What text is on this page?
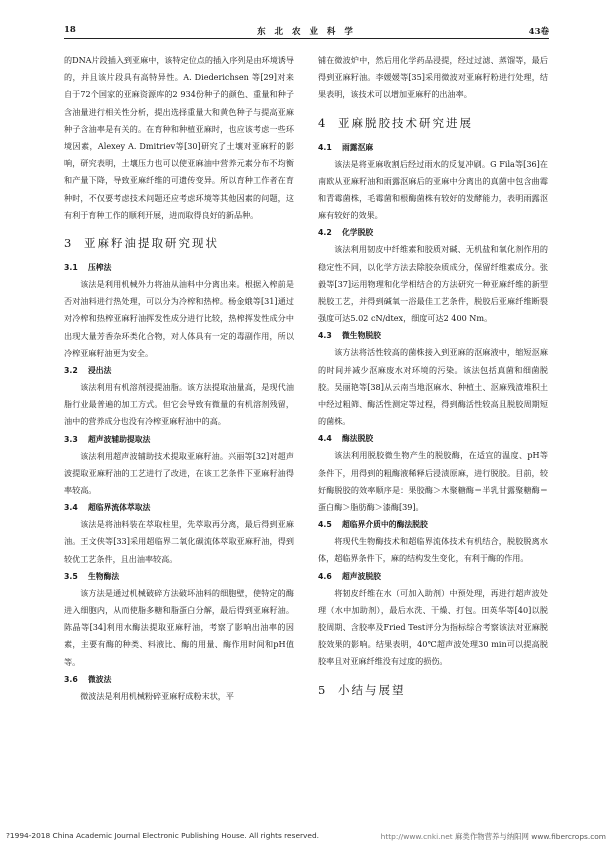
18	东 北 农 业 科 学	43卷

的DNA片段插入到亚麻中，该特定位点的插入序列是由环境诱导的，并且该片段具有高特异性。A. Diederichsen 等[29]对来自于72个国家的亚麻资源库的2 934份种子的颜色、重量和种子含油量进行相关性分析，提出选择重量大和黄色种子与提高亚麻种子含油率是有关的。在育种和种植亚麻时，也应该考虑一些环境因素，Alexey A. Dmitriev等[30]研究了土壤对亚麻籽的影响，研究表明，土壤压力也可以使亚麻油中营养元素分布不均衡和产量下降，导致亚麻纤维的可遗传变异。所以育种工作者在育种时，不仅要考虑技术问题还应考虑环境等其他因素的问题，这有利于育种工作的顺利开展，进而取得良好的新品种。

3 亚麻籽油提取研究现状
3.1 压榨法

该法是利用机械外力将油从油料中分离出来。根据入榨前是否对油料进行热处理，可以分为冷榨和热榨。杨金娥等[31]通过对冷榨和热榨亚麻籽油挥发性成分进行比较，热榨挥发性成分中出现大量芳香杂环类化合物，对人体具有一定的毒副作用，所以冷榨亚麻籽油更为安全。

3.2 浸出法

该法利用有机溶剂浸提油脂。该方法提取油量高，是现代油脂行业最普遍的加工方式。但它会导致有微量的有机溶剂残留，油中的营养成分也没有冷榨亚麻籽油中的高。

3.3 超声波辅助提取法

该法利用超声波辅助技术提取亚麻籽油。兴丽等[32]对超声波提取亚麻籽油的工艺进行了改进，在该工艺条件下亚麻籽油得率较高。

3.4 超临界流体萃取法

该法是将油料装在萃取柱里，先萃取再分离，最后得到亚麻油。王文侠等[33]采用超临界二氧化碳流体萃取亚麻籽油，得到较优工艺条件，且出油率较高。

3.5 生物酶法

该方法是通过机械破碎方法破坏油料的细胞壁，使特定的酶进入细胞内，从而使脂多糖和脂蛋白分解，最后得到亚麻籽油。陈晶等[34]利用水酶法提取亚麻籽油，考察了影响出油率的因素，主要有酶的种类、料液比、酶的用量、酶作用时间和pH值等。

3.6 微波法

微波法是利用机械粉碎亚麻籽成粉末状，平

铺在微波炉中，然后用化学药品浸提，经过过滤、蒸馏等，最后得到亚麻籽油。李媛媛等[35]采用微波对亚麻籽粉进行处理，结果表明，该技术可以增加亚麻籽的出油率。

4 亚麻脱胶技术研究进展
4.1 雨露沤麻

该法是将亚麻收割后经过雨水的反复冲刷。G Fila等[36]在南欧从亚麻籽油和雨露沤麻后的亚麻中分离出的真菌中包含曲霉和青霉菌株，毛霉菌和根酶菌株有较好的发酵能力，表明雨露沤麻有较好的效果。

4.2 化学脱胶

该法利用韧皮中纤维素和胶质对碱、无机盐和氧化剂作用的稳定性不同，以化学方法去除胶杂质成分，保留纤维素成分。张毅等[37]运用物理和化学相结合的方法研究一种亚麻纤维的新型脱胶工艺，并得到碱氧一浴最佳工艺条件，脱胶后亚麻纤维断裂强度可达5.02 cN/dtex，细度可达2 400 Nm。

4.3 微生物脱胶

该方法将活性较高的菌株接入到亚麻的沤麻液中，缩短沤麻的时间并减少沤麻废水对环境的污染。该法包括真菌和细菌脱胶。吴丽艳等[38]从云南当地沤麻水、种植土、沤麻残渣堆积土中经过粗筛、酶活性测定等过程，得到酶活性较高且脱胶周期短的菌株。

4.4 酶法脱胶

该法利用脱胶微生物产生的脱胶酶，在适宜的温度、pH等条件下，用得到的粗酶液稀释后浸渍原麻，进行脱胶。目前，较好酶脱胶的效率顺序是：果胶酶＞木聚糖酶＝半乳甘露聚糖酶＝蛋白酶＞脂肪酶＞漆酶[39]。

4.5 超临界介质中的酶法脱胶

将现代生物酶技术和超临界流体技术有机结合，脱胶脱离水体，超临界条件下，麻的结构发生变化，有利于酶的作用。

4.6 超声波脱胶

将韧皮纤维在水（可加入助剂）中预处理，再进行超声波处理（水中加助剂），最后水洗、干燥、打包。田英华等[40]以脱胶周期、含胶率及Fried Test评分为指标综合考察该法对亚麻脱胶效果的影响。结果表明，40℃超声波处理30 min可以提高脱胶率且对亚麻纤维没有过度的损伤。

5 小结与展望
?1994-2018 China Academic Journal Electronic Publishing House. All rights reserved.	http://www.cnki.net 麻类作物营养与纳阳网 www.fibercrops.com
